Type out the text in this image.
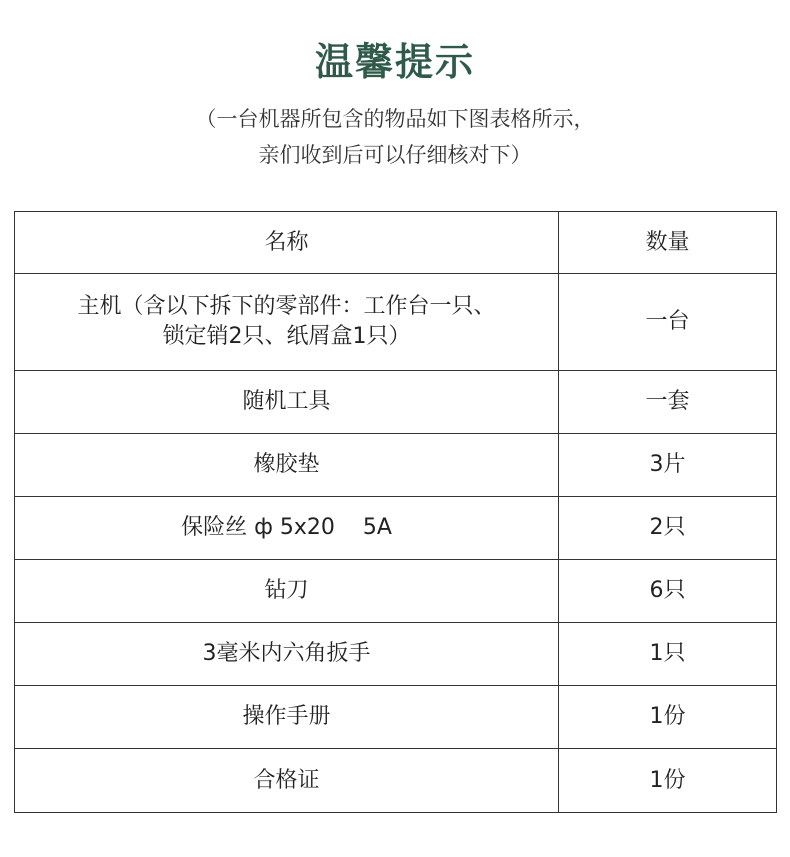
温馨提示
（一台机器所包含的物品如下图表格所示，
亲们收到后可以仔细核对下）
名称	数量
主机（含以下拆下的零部件：工作台一只、
锁定销2只、纸屑盒1只）	一台
随机工具	一套
橡胶垫	3片
保险丝 ф 5x20    5A	2只
钻刀	6只
3毫米内六角扳手	1只
操作手册	1份
合格证	1份
